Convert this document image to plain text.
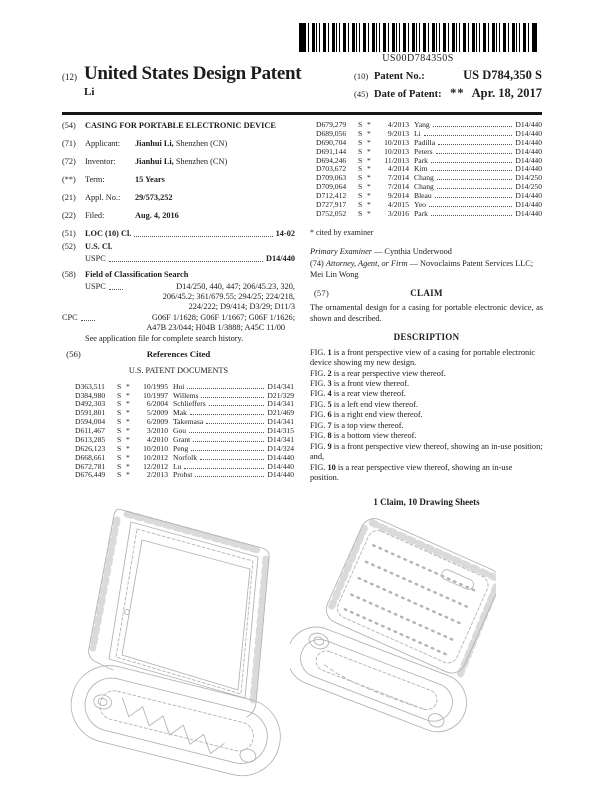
US00D784350S
(12) United States Design Patent
Li
(10) Patent No.:	US D784,350 S
(45) Date of Patent: ** Apr. 18, 2017
(54)	CASING FOR PORTABLE ELECTRONIC DEVICE
(71)	Applicant:	Jianhui Li, Shenzhen (CN)
(72)	Inventor:	Jianhui Li, Shenzhen (CN)
(**)	Term:	15 Years
(21)	Appl. No.:	29/573,252
(22)	Filed:	Aug. 4, 2016
(51)	LOC (10) Cl.	14-02
(52)	U.S. Cl.
USPC	D14/440
(58)	Field of Classification Search
USPC	D14/250, 440, 447; 206/45.23, 320,
206/45.2; 361/679.55; 294/25; 224/218,
224/222; D9/414; D3/29; D11/3
CPC	G06F 1/1628; G06F 1/1667; G06F 1/1626;
A47B 23/044; H04B 1/3888; A45C 11/00
See application file for complete search history.
(56)	References Cited
U.S. PATENT DOCUMENTS
D363,511	S *	10/1995 Hui	D14/341
D384,980	S *	10/1997 Willems	D21/329
D492,303	S *	6/2004 Schlieffers	D14/341
D591,801	S *	5/2009 Mak	D21/469
D594,004	S *	6/2009 Takemasa	D14/341
D611,467	S *	3/2010 Gou	D14/315
D613,285	S *	4/2010 Grant	D14/341
D626,123	S *	10/2010 Peng	D14/324
D668,661	S *	10/2012 Norfolk	D14/440
D672,781	S *	12/2012 Lu	D14/440
D676,449	S *	2/2013 Probst	D14/440
D679,279	S *	4/2013 Yang	D14/440
D689,056	S *	9/2013 Li	D14/440
D690,704	S *	10/2013 Padilla	D14/440
D691,144	S *	10/2013 Peters	D14/440
D694,246	S *	11/2013 Park	D14/440
D703,672	S *	4/2014 Kim	D14/440
D709,063	S *	7/2014 Chang	D14/250
D709,064	S *	7/2014 Chang	D14/250
D712,412	S *	9/2014 Bleau	D14/440
D727,917	S *	4/2015 Yeo	D14/440
D752,052	S *	3/2016 Park	D14/440
* cited by examiner

Primary Examiner — Cynthia Underwood

(74) Attorney, Agent, or Firm — Novoclaims Patent Services LLC; Mei Lin Wong

(57)	CLAIM

The ornamental design for a casing for portable electronic device, as shown and described.

DESCRIPTION

FIG. 1 is a front perspective view of a casing for portable electronic device showing my new design.

FIG. 2 is a rear perspective view thereof.

FIG. 3 is a front view thereof.

FIG. 4 is a rear view thereof.

FIG. 5 is a left end view thereof.

FIG. 6 is a right end view thereof.

FIG. 7 is a top view thereof.

FIG. 8 is a bottom view thereof.

FIG. 9 is a front perspective view thereof, showing an in-use position; and,

FIG. 10 is a rear perspective view thereof, showing an in-use position.

1 Claim, 10 Drawing Sheets
